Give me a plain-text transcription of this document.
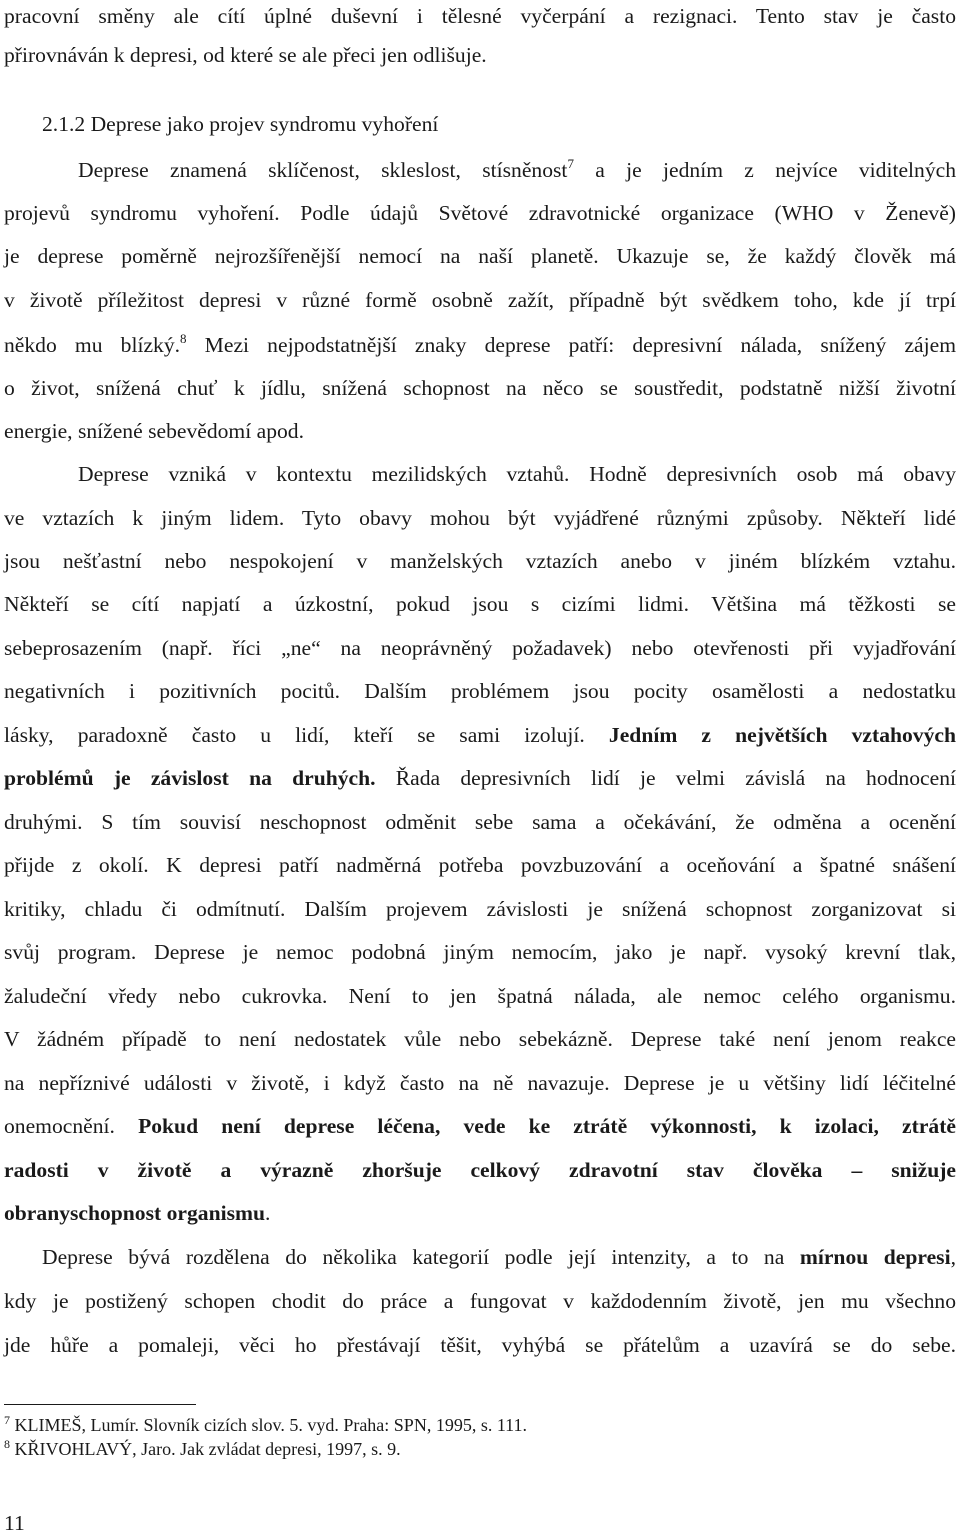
pracovní směny ale cítí úplné duševní i tělesné vyčerpání a rezignaci. Tento stav je často
přirovnáván k depresi, od které se ale přeci jen odlišuje.
2.1.2 Deprese jako projev syndromu vyhoření
Deprese znamená sklíčenost, skleslost, stísněnost$^7$ a je jedním z nejvíce viditelných
projevů syndromu vyhoření. Podle údajů Světové zdravotnické organizace (WHO v Ženevě)
je deprese poměrně nejrozšířenější nemocí na naší planetě. Ukazuje se, že každý člověk má
v životě příležitost depresi v různé formě osobně zažít, případně být svědkem toho, kde jí trpí
někdo mu blízký.$^8$ Mezi nejpodstatnější znaky deprese patří: depresivní nálada, snížený zájem
o život, snížená chuť k jídlu, snížená schopnost na něco se soustředit, podstatně nižší životní
energie, snížené sebevědomí apod.
Deprese vzniká v kontextu mezilidských vztahů. Hodně depresivních osob má obavy
ve vztazích k jiným lidem. Tyto obavy mohou být vyjádřené různými způsoby. Někteří lidé
jsou nešťastní nebo nespokojení v manželských vztazích anebo v jiném blízkém vztahu.
Někteří se cítí napjatí a úzkostní, pokud jsou s cizími lidmi. Většina má těžkosti se
sebeprosazením (např. říci „ne“ na neoprávněný požadavek) nebo otevřenosti při vyjadřování
negativních i pozitivních pocitů. Dalším problémem jsou pocity osamělosti a nedostatku
lásky, paradoxně často u lidí, kteří se sami izolují. Jedním z největších vztahových
problémů je závislost na druhých. Řada depresivních lidí je velmi závislá na hodnocení
druhými. S tím souvisí neschopnost odměnit sebe sama a očekávání, že odměna a ocenění
přijde z okolí. K depresi patří nadměrná potřeba povzbuzování a oceňování a špatné snášení
kritiky, chladu či odmítnutí. Dalším projevem závislosti je snížená schopnost zorganizovat si
svůj program. Deprese je nemoc podobná jiným nemocím, jako je např. vysoký krevní tlak,
žaludeční vředy nebo cukrovka. Není to jen špatná nálada, ale nemoc celého organismu.
V žádném případě to není nedostatek vůle nebo sebekázně. Deprese také není jenom reakce
na nepříznivé události v životě, i když často na ně navazuje. Deprese je u většiny lidí léčitelné
onemocnění. Pokud není deprese léčena, vede ke ztrátě výkonnosti, k izolaci, ztrátě
radosti v životě a výrazně zhoršuje celkový zdravotní stav člověka – snižuje
obranyschopnost organismu.
Deprese bývá rozdělena do několika kategorií podle její intenzity, a to na mírnou depresi,
kdy je postižený schopen chodit do práce a fungovat v každodenním životě, jen mu všechno
jde hůře a pomaleji, věci ho přestávají těšit, vyhýbá se přátelům a uzavírá se do sebe.
$^7$ KLIMEŠ, Lumír. Slovník cizích slov. 5. vyd. Praha: SPN, 1995, s. 111.
$^8$ KŘIVOHLAVÝ, Jaro. Jak zvládat depresi, 1997, s. 9.
11
